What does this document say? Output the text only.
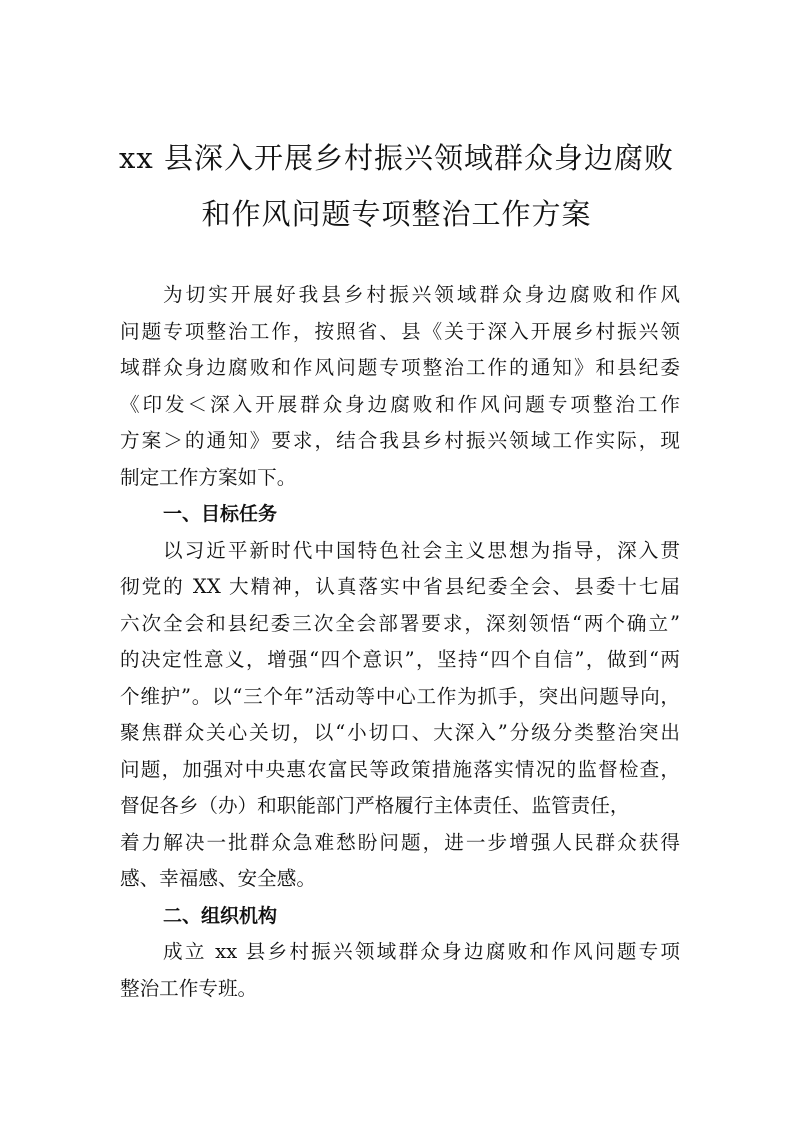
xx 县深入开展乡村振兴领域群众身边腐败
和作风问题专项整治工作方案
为切实开展好我县乡村振兴领域群众身边腐败和作风
问题专项整治工作，按照省、县《关于深入开展乡村振兴领
域群众身边腐败和作风问题专项整治工作的通知》和县纪委
《印发＜深入开展群众身边腐败和作风问题专项整治工作
方案＞的通知》要求，结合我县乡村振兴领域工作实际，现
制定工作方案如下。
一、目标任务
以习近平新时代中国特色社会主义思想为指导，深入贯
彻党的 XX 大精神，认真落实中省县纪委全会、县委十七届
六次全会和县纪委三次全会部署要求，深刻领悟“两个确立”
的决定性意义，增强“四个意识”，坚持“四个自信”，做到“两
个维护”。以“三个年”活动等中心工作为抓手，突出问题导向，
聚焦群众关心关切，以“小切口、大深入”分级分类整治突出
问题，加强对中央惠农富民等政策措施落实情况的监督检查，
督促各乡（办）和职能部门严格履行主体责任、监管责任，
着力解决一批群众急难愁盼问题，进一步增强人民群众获得
感、幸福感、安全感。
二、组织机构
成立 xx 县乡村振兴领域群众身边腐败和作风问题专项
整治工作专班。
